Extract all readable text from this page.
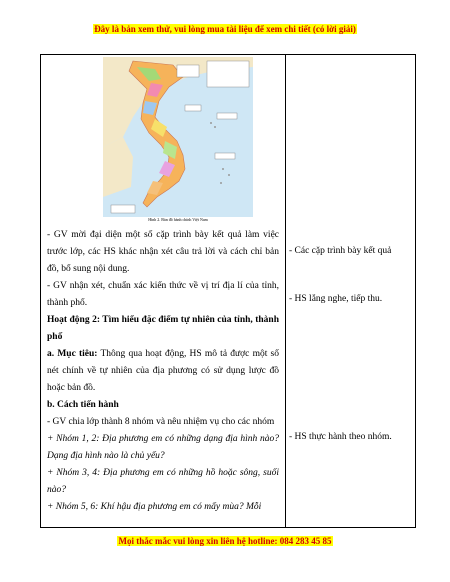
Đây là bản xem thử, vui lòng mua tài liệu để xem chi tiết (có lời giải)
Hình 2. Bản đồ hành chính Việt Nam

- GV mời đại diện một số cặp trình bày kết quả làm việc trước lớp, các HS khác nhận xét câu trả lời và cách chỉ bản đồ, bổ sung nội dung.

- GV nhận xét, chuẩn xác kiến thức về vị trí địa lí của tỉnh, thành phố.

Hoạt động 2: Tìm hiểu đặc điểm tự nhiên của tỉnh, thành phố

a. Mục tiêu: Thông qua hoạt động, HS mô tả được một số nét chính về tự nhiên của địa phương có sử dụng lược đồ hoặc bản đồ.

b. Cách tiến hành

- GV chia lớp thành 8 nhóm và nêu nhiệm vụ cho các nhóm

+ Nhóm 1, 2: Địa phương em có những dạng địa hình nào? Dạng địa hình nào là chủ yếu?

+ Nhóm 3, 4: Địa phương em có những hồ hoặc sông, suối nào?

+ Nhóm 5, 6: Khí hậu địa phương em có mấy mùa? Mỗi

- Các cặp trình bày kết quả

- HS lắng nghe, tiếp thu.

- HS thực hành theo nhóm.

Mọi thắc mắc vui lòng xin liên hệ hotline: 084 283 45 85
